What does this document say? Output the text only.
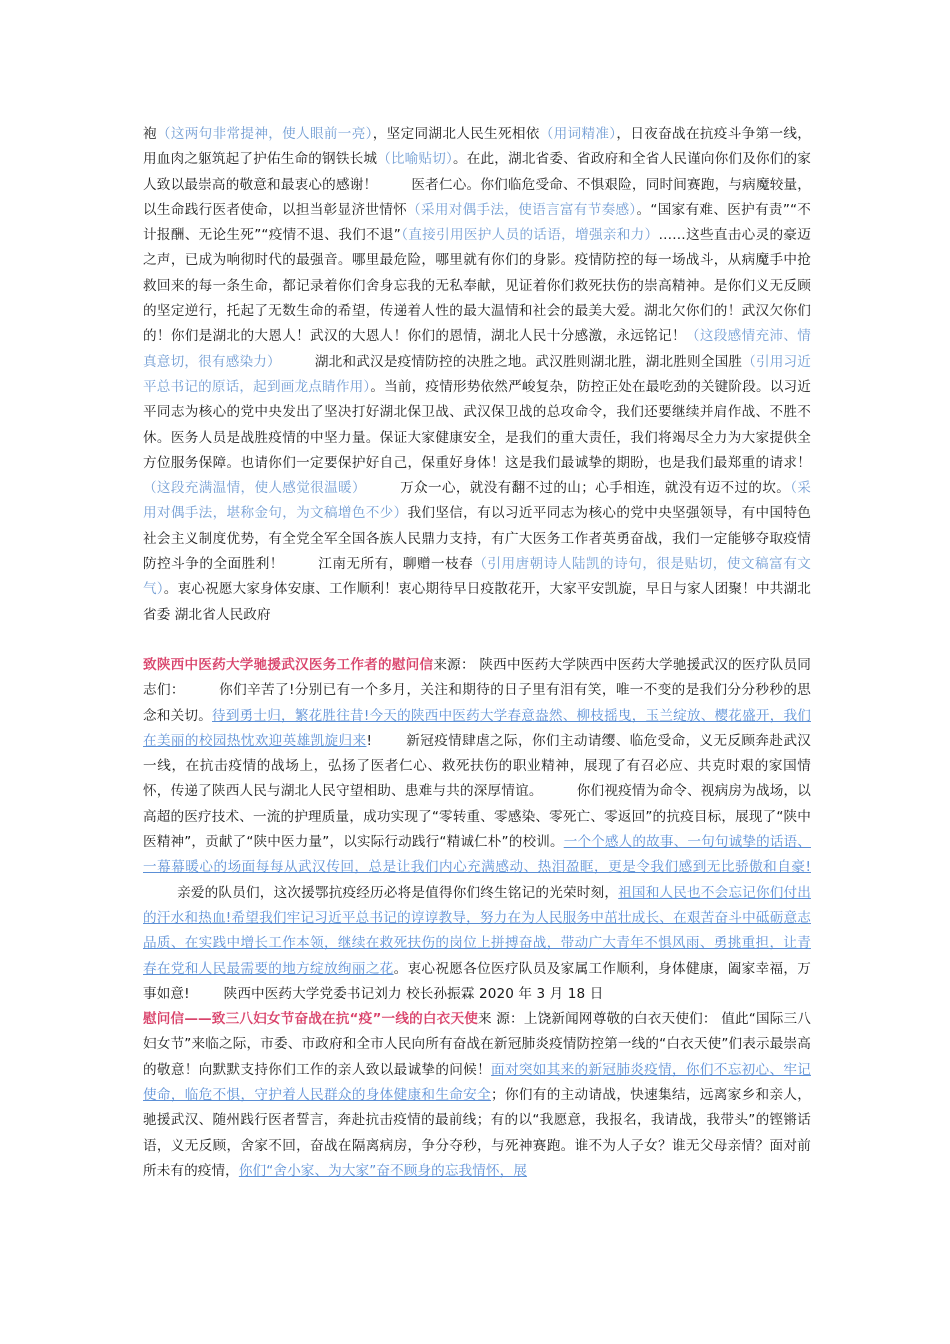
袍（这两句非常提神，使人眼前一亮），坚定同湖北人民生死相依（用词精准），日夜奋战在抗疫斗争第一线，用血肉之躯筑起了护佑生命的钢铁长城（比喻贴切）。在此，湖北省委、省政府和全省人民谨向你们及你们的家人致以最崇高的敬意和最衷心的感谢！	医者仁心。你们临危受命、不惧艰险，同时间赛跑，与病魔较量，以生命践行医者使命，以担当彰显济世情怀（采用对偶手法，使语言富有节奏感）。“国家有难、医护有责”“不计报酬、无论生死”“疫情不退、我们不退”（直接引用医护人员的话语，增强亲和力）……这些直击心灵的豪迈之声，已成为响彻时代的最强音。哪里最危险，哪里就有你们的身影。疫情防控的每一场战斗，从病魔手中抢救回来的每一条生命，都记录着你们舍身忘我的无私奉献，见证着你们救死扶伤的崇高精神。是你们义无反顾的坚定逆行，托起了无数生命的希望，传递着人性的最大温情和社会的最美大爱。湖北欠你们的！武汉欠你们的！你们是湖北的大恩人！武汉的大恩人！你们的恩情，湖北人民十分感激，永远铭记！（这段感情充沛、情真意切，很有感染力）	湖北和武汉是疫情防控的决胜之地。武汉胜则湖北胜，湖北胜则全国胜（引用习近平总书记的原话，起到画龙点睛作用）。当前，疫情形势依然严峻复杂，防控正处在最吃劲的关键阶段。以习近平同志为核心的党中央发出了坚决打好湖北保卫战、武汉保卫战的总攻命令，我们还要继续并肩作战、不胜不休。医务人员是战胜疫情的中坚力量。保证大家健康安全，是我们的重大责任，我们将竭尽全力为大家提供全方位服务保障。也请你们一定要保护好自己，保重好身体！这是我们最诚挚的期盼，也是我们最郑重的请求！（这段充满温情，使人感觉很温暖）	万众一心，就没有翻不过的山；心手相连，就没有迈不过的坎。（采用对偶手法，堪称金句，为文稿增色不少）我们坚信，有以习近平同志为核心的党中央坚强领导，有中国特色社会主义制度优势，有全党全军全国各族人民鼎力支持，有广大医务工作者英勇奋战，我们一定能够夺取疫情防控斗争的全面胜利！	江南无所有，聊赠一枝春（引用唐朝诗人陆凯的诗句，很是贴切，使文稿富有文气）。衷心祝愿大家身体安康、工作顺利！衷心期待早日疫散花开，大家平安凯旋，早日与家人团聚！中共湖北省委 湖北省人民政府

致陕西中医药大学驰援武汉医务工作者的慰问信来源： 陕西中医药大学陕西中医药大学驰援武汉的医疗队员同志们：	你们辛苦了!分别已有一个多月，关注和期待的日子里有泪有笑，唯一不变的是我们分分秒秒的思念和关切。待到勇士归，繁花胜往昔!今天的陕西中医药大学春意盎然、柳枝摇曳，玉兰绽放、樱花盛开，我们在美丽的校园热忱欢迎英雄凯旋归来!	新冠疫情肆虐之际，你们主动请缨、临危受命，义无反顾奔赴武汉一线，在抗击疫情的战场上，弘扬了医者仁心、救死扶伤的职业精神，展现了有召必应、共克时艰的家国情怀，传递了陕西人民与湖北人民守望相助、患难与共的深厚情谊。	你们视疫情为命令、视病房为战场，以高超的医疗技术、一流的护理质量，成功实现了“零转重、零感染、零死亡、零返回”的抗疫目标，展现了“陕中医精神”，贡献了“陕中医力量”，以实际行动践行“精诚仁朴”的校训。一个个感人的故事、一句句诚挚的话语、一幕幕暖心的场面每每从武汉传回，总是让我们内心充满感动、热泪盈眶，更是令我们感到无比骄傲和自豪!亲爱的队员们，这次援鄂抗疫经历必将是值得你们终生铭记的光荣时刻，祖国和人民也不会忘记你们付出的汗水和热血!希望我们牢记习近平总书记的谆谆教导，努力在为人民服务中茁壮成长、在艰苦奋斗中砥砺意志品质、在实践中增长工作本领，继续在救死扶伤的岗位上拼搏奋战，带动广大青年不惧风雨、勇挑重担，让青春在党和人民最需要的地方绽放绚丽之花。衷心祝愿各位医疗队员及家属工作顺利，身体健康，阖家幸福，万事如意!	陕西中医药大学党委书记刘力 校长孙振霖 2020 年 3 月 18 日

慰问信——致三八妇女节奋战在抗“疫”一线的白衣天使来 源：上饶新闻网尊敬的白衣天使们： 值此“国际三八妇女节”来临之际，市委、市政府和全市人民向所有奋战在新冠肺炎疫情防控第一线的“白衣天使”们表示最崇高的敬意！向默默支持你们工作的亲人致以最诚挚的问候！面对突如其来的新冠肺炎疫情，你们不忘初心、牢记使命，临危不惧，守护着人民群众的身体健康和生命安全；你们有的主动请战，快速集结，远离家乡和亲人，驰援武汉、随州践行医者誓言，奔赴抗击疫情的最前线；有的以“我愿意，我报名，我请战，我带头”的铿锵话语，义无反顾，舍家不回，奋战在隔离病房，争分夺秒，与死神赛跑。谁不为人子女？谁无父母亲情？面对前所未有的疫情，你们“舍小家、为大家”奋不顾身的忘我情怀，展
